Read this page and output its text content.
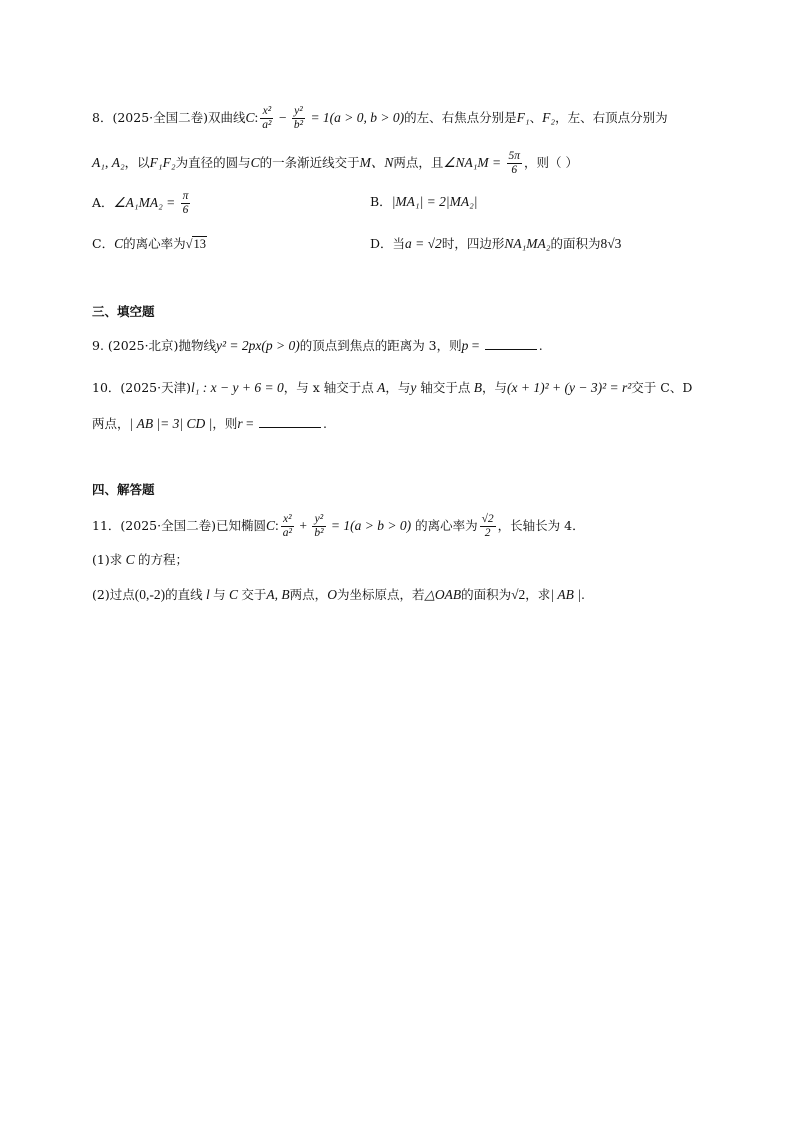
8．(2025·全国二卷)双曲线C: $\frac{\text{x²}}{\text{a²}} - \frac{\text{y²}}{\text{b²}} = 1(a > 0$, b > 0)的左、右焦点分别是F₁、F₂，左、右顶点分别为
A₁, A₂，以F₁F₂为直径的圆与C的一条渐近线交于M、N两点，且∠NA₁M = $\frac{5\pi}{6}$ ，则（ ）
A．∠A₁MA₂ = $\frac{\pi}{6}$	B．|MA₁| = 2|MA₂|
C．C的离心率为√13	D．当a = √2时，四边形NA₁MA₂的面积为8√3
三、填空题
9. (2025·北京)抛物线y² = 2px(p > 0)的顶点到焦点的距离为 3，则p =	.
10．(2025·天津)l₁ : x − y + 6 = 0，与 x 轴交于点 A，与y 轴交于点 B，与(x + 1)² + (y − 3)² = r²交于 C、D
两点，| AB |= 3| CD |，则r =	.
四、解答题
11．(2025·全国二卷)已知椭圆C: $\frac{\text{x²}}{\text{a²}} + \frac{\text{y²}}{\text{b²}} = 1(a > b > 0)$ 的离心率为 $\frac{√2}{2}$ ，长轴长为 4．
(1)求 C 的方程；
(2)过点(0,-2)的直线 l 与 C 交于A, B两点，O为坐标原点，若△OAB的面积为√2，求| AB |.
